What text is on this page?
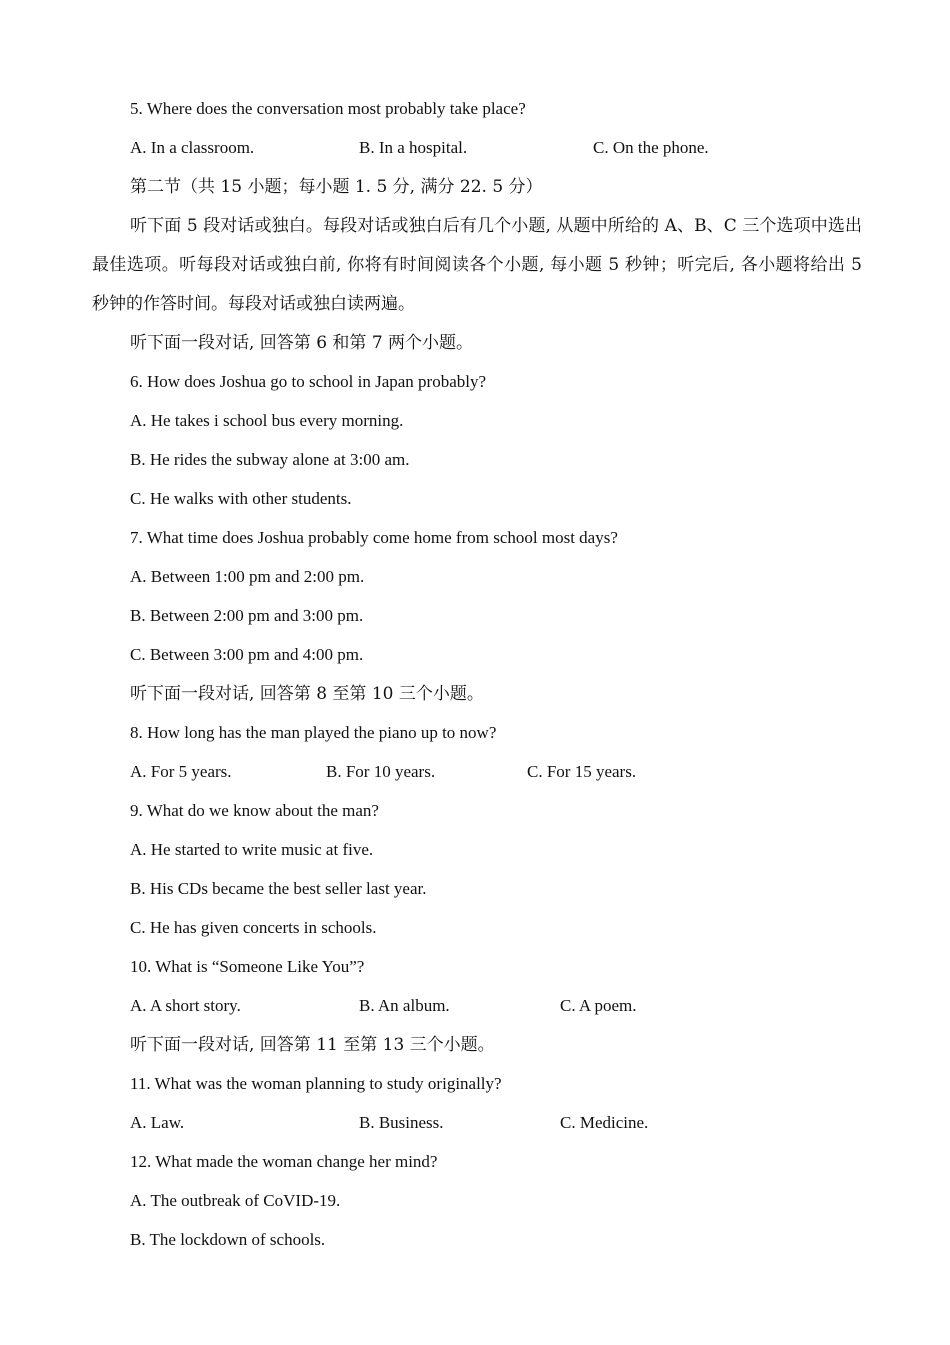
5. Where does the conversation most probably take place?
A. In a classroom.	B. In a hospital.	C. On the phone.
第二节（共 15 小题；每小题 1. 5 分, 满分 22. 5 分）
听下面 5 段对话或独白。每段对话或独白后有几个小题, 从题中所给的 A、B、C 三个选项中选出最佳选项。听每段对话或独白前, 你将有时间阅读各个小题, 每小题 5 秒钟；听完后, 各小题将给出 5 秒钟的作答时间。每段对话或独白读两遍。
听下面一段对话, 回答第 6 和第 7 两个小题。
6. How does Joshua go to school in Japan probably?
A. He takes i school bus every morning.
B. He rides the subway alone at 3:00 am.
C. He walks with other students.
7. What time does Joshua probably come home from school most days?
A. Between 1:00 pm and 2:00 pm.
B. Between 2:00 pm and 3:00 pm.
C. Between 3:00 pm and 4:00 pm.
听下面一段对话, 回答第 8 至第 10 三个小题。
8. How long has the man played the piano up to now?
A. For 5 years.	B. For 10 years.	C. For 15 years.
9. What do we know about the man?
A. He started to write music at five.
B. His CDs became the best seller last year.
C. He has given concerts in schools.
10. What is “Someone Like You”?
A. A short story.	B. An album.	C. A poem.
听下面一段对话, 回答第 11 至第 13 三个小题。
11. What was the woman planning to study originally?
A. Law.	B. Business.	C. Medicine.
12. What made the woman change her mind?
A. The outbreak of CoVID-19.
B. The lockdown of schools.
